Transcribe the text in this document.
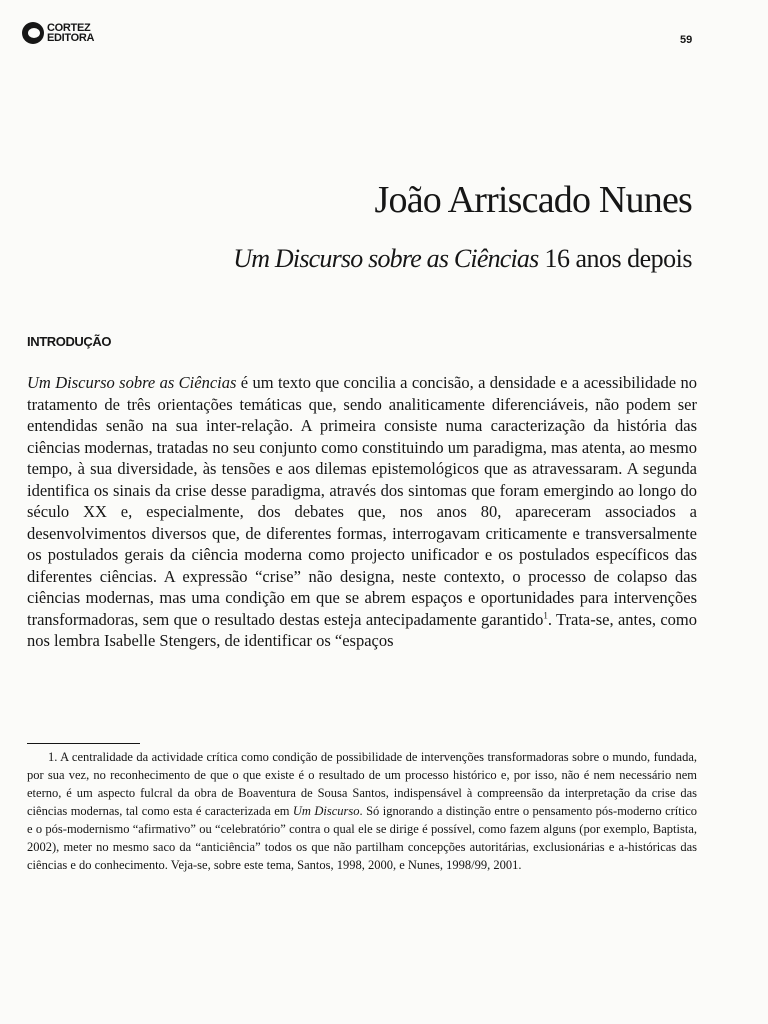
CORTEZ
EDITORA	59
João Arriscado Nunes
Um Discurso sobre as Ciências 16 anos depois
INTRODUÇÃO

Um Discurso sobre as Ciências é um texto que concilia a concisão, a densidade e a acessibilidade no tratamento de três orientações temáticas que, sendo analiticamente diferenciáveis, não podem ser entendidas senão na sua inter-relação. A primeira consiste numa caracterização da história das ciências modernas, tratadas no seu conjunto como constituindo um paradigma, mas atenta, ao mesmo tempo, à sua diversidade, às tensões e aos dilemas epistemológicos que as atravessaram. A segunda identifica os sinais da crise desse paradigma, através dos sintomas que foram emergindo ao longo do século XX e, especialmente, dos debates que, nos anos 80, apareceram associados a desenvolvimentos diversos que, de diferentes formas, interrogavam criticamente e transversalmente os postulados gerais da ciência moderna como projecto unificador e os postulados específicos das diferentes ciências. A expressão “crise” não designa, neste contexto, o processo de colapso das ciências modernas, mas uma condição em que se abrem espaços e oportunidades para intervenções transformadoras, sem que o resultado destas esteja antecipadamente garantido$^1$. Trata-se, antes, como nos lembra Isabelle Stengers, de identificar os “espaços

1. A centralidade da actividade crítica como condição de possibilidade de intervenções transformadoras sobre o mundo, fundada, por sua vez, no reconhecimento de que o que existe é o resultado de um processo histórico e, por isso, não é nem necessário nem eterno, é um aspecto fulcral da obra de Boaventura de Sousa Santos, indispensável à compreensão da interpretação da crise das ciências modernas, tal como esta é caracterizada em Um Discurso. Só ignorando a distinção entre o pensamento pós-moderno crítico e o pós-modernismo “afirmativo” ou “celebratório” contra o qual ele se dirige é possível, como fazem alguns (por exemplo, Baptista, 2002), meter no mesmo saco da “anticiência” todos os que não partilham concepções autoritárias, exclusionárias e a-históricas das ciências e do conhecimento. Veja-se, sobre este tema, Santos, 1998, 2000, e Nunes, 1998/99, 2001.
